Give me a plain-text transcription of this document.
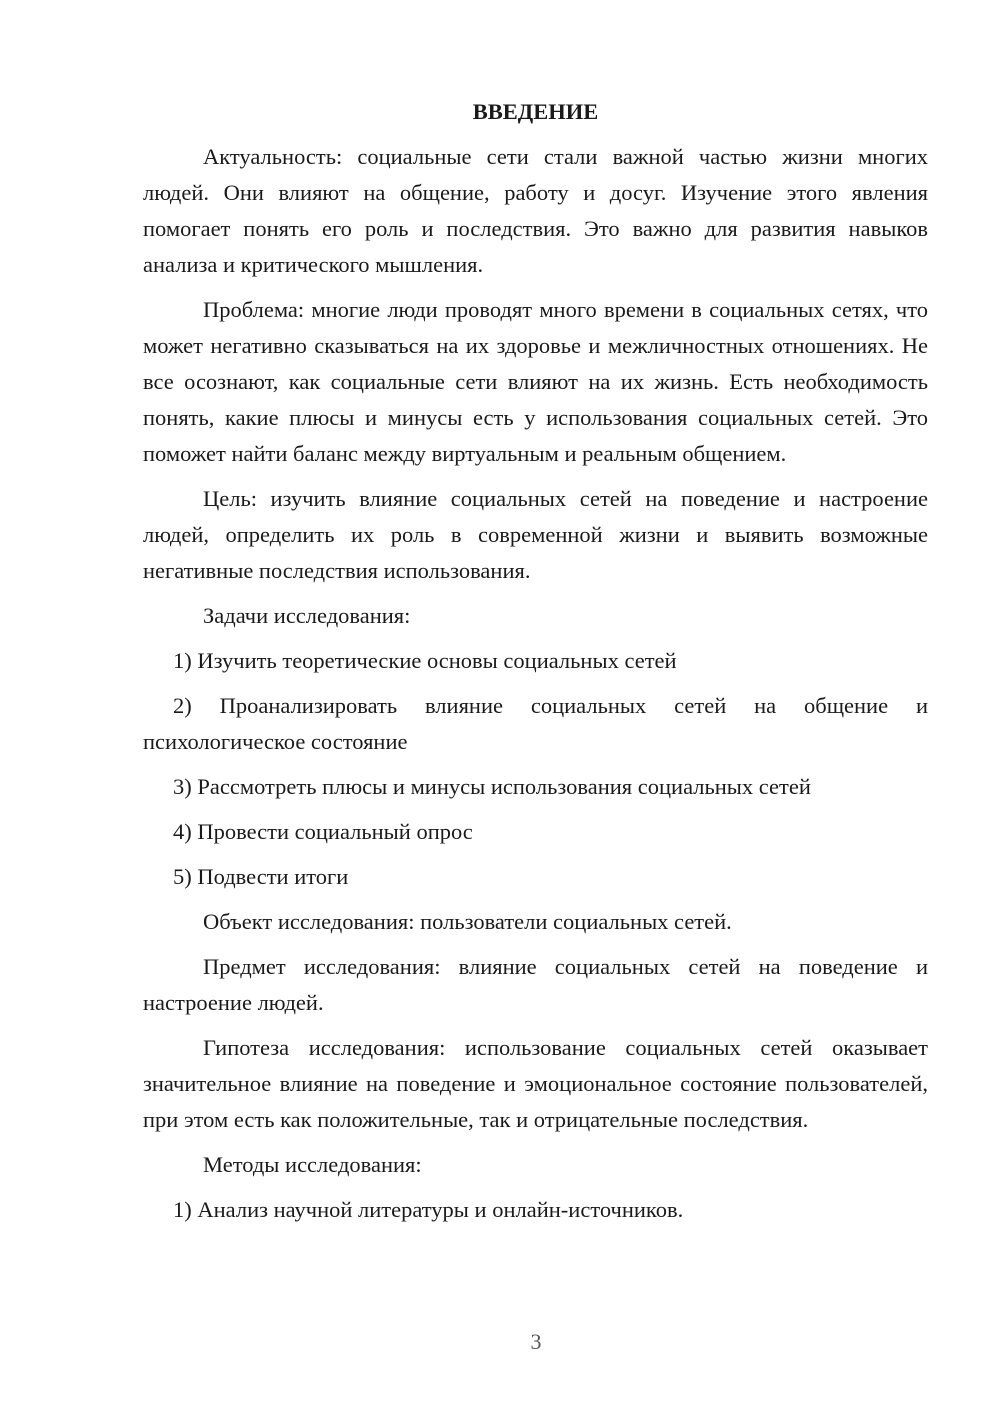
ВВЕДЕНИЕ

Актуальность: социальные сети стали важной частью жизни многих людей. Они влияют на общение, работу и досуг. Изучение этого явления помогает понять его роль и последствия. Это важно для развития навыков анализа и критического мышления.

Проблема: многие люди проводят много времени в социальных сетях, что может негативно сказываться на их здоровье и межличностных отношениях. Не все осознают, как социальные сети влияют на их жизнь. Есть необходимость понять, какие плюсы и минусы есть у использования социальных сетей. Это поможет найти баланс между виртуальным и реальным общением.

Цель: изучить влияние социальных сетей на поведение и настроение людей, определить их роль в современной жизни и выявить возможные негативные последствия использования.

Задачи исследования:

1) Изучить теоретические основы социальных сетей

2) Проанализировать влияние социальных сетей на общение и психологическое состояние

3) Рассмотреть плюсы и минусы использования социальных сетей

4) Провести социальный опрос

5) Подвести итоги

Объект исследования: пользователи социальных сетей.

Предмет исследования: влияние социальных сетей на поведение и настроение людей.

Гипотеза исследования: использование социальных сетей оказывает значительное влияние на поведение и эмоциональное состояние пользователей, при этом есть как положительные, так и отрицательные последствия.

Методы исследования:

1) Анализ научной литературы и онлайн-источников.

3
